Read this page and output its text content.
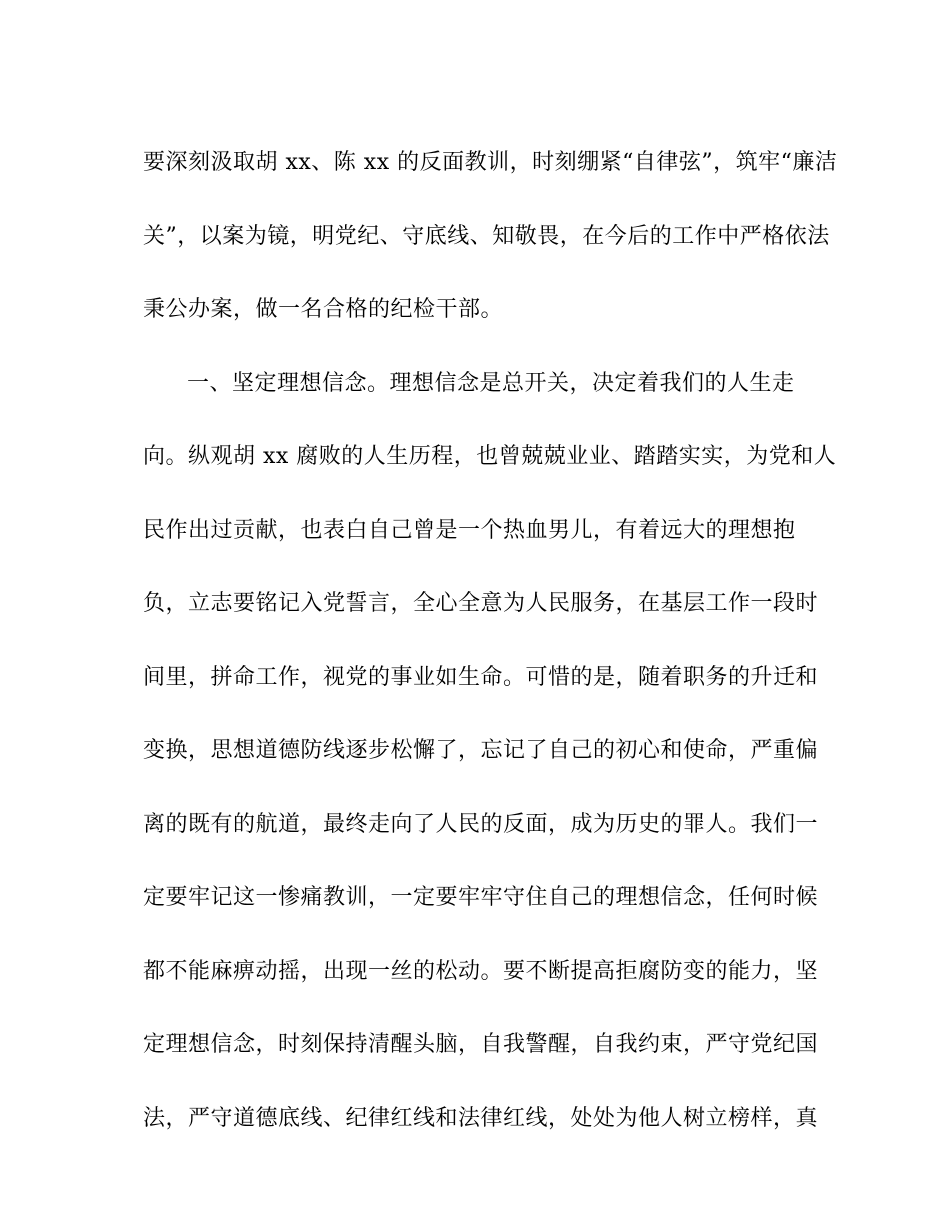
要深刻汲取胡 xx、陈 xx 的反面教训，时刻绷紧“自律弦”，筑牢“廉洁
关”，以案为镜，明党纪、守底线、知敬畏，在今后的工作中严格依法
秉公办案，做一名合格的纪检干部。
一、坚定理想信念。理想信念是总开关，决定着我们的人生走
向。纵观胡 xx 腐败的人生历程，也曾兢兢业业、踏踏实实，为党和人
民作出过贡献，也表白自己曾是一个热血男儿，有着远大的理想抱
负，立志要铭记入党誓言，全心全意为人民服务，在基层工作一段时
间里，拼命工作，视党的事业如生命。可惜的是，随着职务的升迁和
变换，思想道德防线逐步松懈了，忘记了自己的初心和使命，严重偏
离的既有的航道，最终走向了人民的反面，成为历史的罪人。我们一
定要牢记这一惨痛教训，一定要牢牢守住自己的理想信念，任何时候
都不能麻痹动摇，出现一丝的松动。要不断提高拒腐防变的能力，坚
定理想信念，时刻保持清醒头脑，自我警醒，自我约束，严守党纪国
法，严守道德底线、纪律红线和法律红线，处处为他人树立榜样，真
